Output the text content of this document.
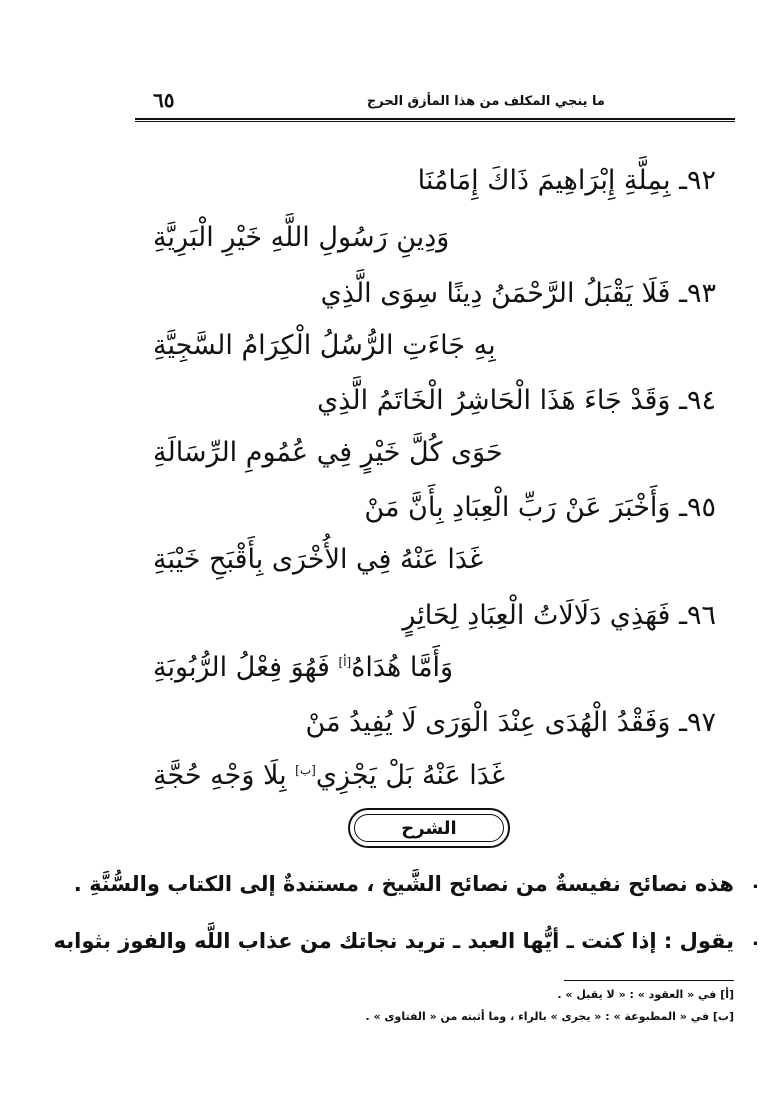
ما ينجي المكلف من هذا المأزق الحرج
٦٥
٩٢ـ بِمِلَّةِ إِبْرَاهِيمَ ذَاكَ إِمَامُنَا
وَدِينِ رَسُولِ اللَّهِ خَيْرِ الْبَرِيَّةِ
٩٣ـ فَلَا يَقْبَلُ الرَّحْمَنُ دِينًا سِوَى الَّذِي
بِهِ جَاءَتِ الرُّسُلُ الْكِرَامُ السَّجِيَّةِ
٩٤ـ وَقَدْ جَاءَ هَذَا الْحَاشِرُ الْخَاتَمُ الَّذِي
حَوَى كُلَّ خَيْرٍ فِي عُمُومِ الرِّسَالَةِ
٩٥ـ وَأَخْبَرَ عَنْ رَبِّ الْعِبَادِ بِأَنَّ مَنْ
غَدَا عَنْهُ فِي الأُخْرَى بِأَقْبَحِ خَيْبَةِ
٩٦ـ فَهَذِي دَلَالَاتُ الْعِبَادِ لِحَائِرٍ
وَأَمَّا هُدَاهُ[أ] فَهُوَ فِعْلُ الرُّبُوبَةِ
٩٧ـ وَفَقْدُ الْهُدَى عِنْدَ الْوَرَى لَا يُفِيدُ مَنْ
غَدَا عَنْهُ بَلْ يَجْزِي[ب] بِلَا وَجْهِ حُجَّةِ
الشرح
.
هذه نصائح نفيسةٌ من نصائح الشَّيخ ، مستندةٌ إلى الكتاب والسُّنَّةِ .
.
يقول : إذا كنت ـ أيُّها العبد ـ تريد نجاتك من عذاب اللَّه والفوز بثوابه
[أ] في « العقود » : « لا يقبل » .
[ب] في « المطبوعة » : « يجرى » بالراء ، وما أثبته من « الفتاوى » .
